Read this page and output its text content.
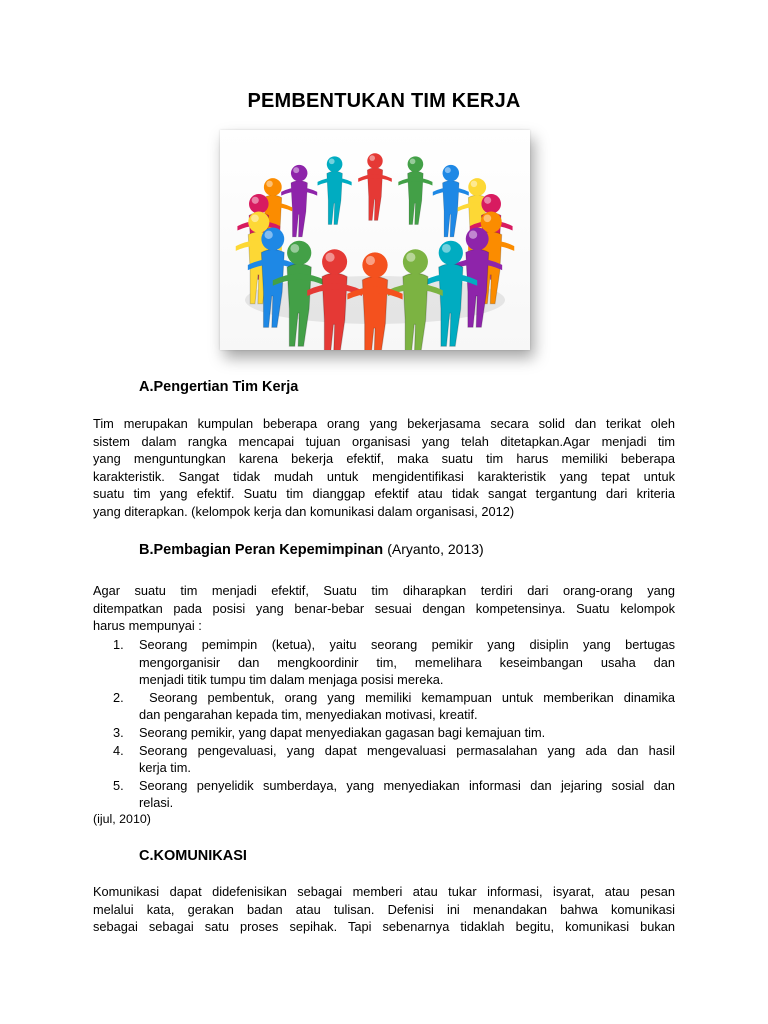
PEMBENTUKAN TIM KERJA
A.Pengertian Tim Kerja
Tim merupakan kumpulan beberapa orang yang bekerjasama secara solid dan terikat oleh
sistem dalam rangka mencapai tujuan organisasi yang telah ditetapkan.Agar menjadi tim
yang menguntungkan karena bekerja efektif, maka suatu tim harus memiliki beberapa
karakteristik. Sangat tidak mudah untuk mengidentifikasi karakteristik yang tepat untuk
suatu tim yang efektif. Suatu tim dianggap efektif atau tidak sangat tergantung dari kriteria
yang diterapkan. (kelompok kerja dan komunikasi dalam organisasi, 2012)
B.Pembagian Peran Kepemimpinan (Aryanto, 2013)
Agar suatu tim menjadi efektif, Suatu tim diharapkan terdiri dari orang-orang yang
ditempatkan pada posisi yang benar-bebar sesuai dengan kompetensinya. Suatu kelompok
harus mempunyai :
1. Seorang pemimpin (ketua), yaitu seorang pemikir yang disiplin yang bertugas
mengorganisir dan mengkoordinir tim, memelihara keseimbangan usaha dan
menjadi titik tumpu tim dalam menjaga posisi mereka.
2. Seorang pembentuk, orang yang memiliki kemampuan untuk memberikan dinamika
dan pengarahan kepada tim, menyediakan motivasi, kreatif.
3. Seorang pemikir, yang dapat menyediakan gagasan bagi kemajuan tim.
4. Seorang pengevaluasi, yang dapat mengevaluasi permasalahan yang ada dan hasil
kerja tim.
5. Seorang penyelidik sumberdaya, yang menyediakan informasi dan jejaring sosial dan
relasi.
(ijul, 2010)
C.KOMUNIKASI
Komunikasi dapat didefenisikan sebagai memberi atau tukar informasi, isyarat, atau pesan
melalui kata, gerakan badan atau tulisan. Defenisi ini menandakan bahwa komunikasi
sebagai sebagai satu proses sepihak. Tapi sebenarnya tidaklah begitu, komunikasi bukan
